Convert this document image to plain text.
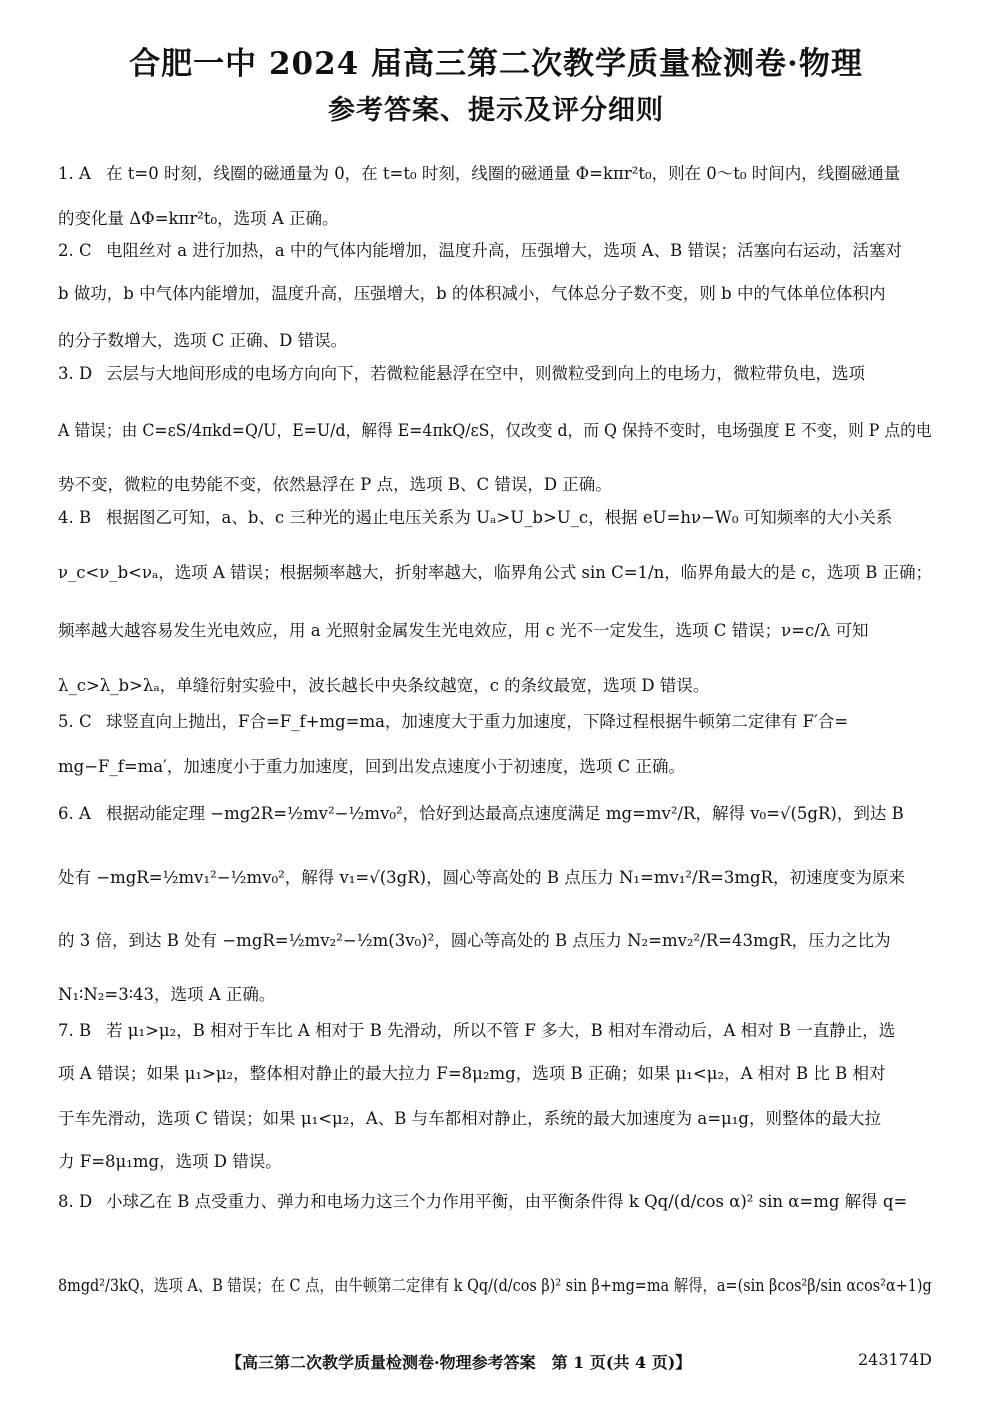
合肥一中 2024 届高三第二次教学质量检测卷·物理
参考答案、提示及评分细则
1. A 在 t=0 时刻，线圈的磁通量为 0，在 t=t₀ 时刻，线圈的磁通量 Φ=kπr²t₀，则在 0～t₀ 时间内，线圈磁通量
的变化量 ΔΦ=kπr²t₀，选项 A 正确。
2. C 电阻丝对 a 进行加热，a 中的气体内能增加，温度升高，压强增大，选项 A、B 错误；活塞向右运动，活塞对
b 做功，b 中气体内能增加，温度升高，压强增大，b 的体积减小，气体总分子数不变，则 b 中的气体单位体积内
的分子数增大，选项 C 正确、D 错误。
3. D 云层与大地间形成的电场方向向下，若微粒能悬浮在空中，则微粒受到向上的电场力，微粒带负电，选项
A 错误；由 C=εS/4πkd=Q/U，E=U/d，解得 E=4πkQ/εS，仅改变 d，而 Q 保持不变时，电场强度 E 不变，则 P 点的电
势不变，微粒的电势能不变，依然悬浮在 P 点，选项 B、C 错误，D 正确。
4. B 根据图乙可知，a、b、c 三种光的遏止电压关系为 Uₐ>U_b>U_c，根据 eU=hν−W₀ 可知频率的大小关系
ν_c<ν_b<νₐ，选项 A 错误；根据频率越大，折射率越大，临界角公式 sin C=1/n，临界角最大的是 c，选项 B 正确；
频率越大越容易发生光电效应，用 a 光照射金属发生光电效应，用 c 光不一定发生，选项 C 错误；ν=c/λ 可知
λ_c>λ_b>λₐ，单缝衍射实验中，波长越长中央条纹越宽，c 的条纹最宽，选项 D 错误。
5. C 球竖直向上抛出，F合=F_f+mg=ma，加速度大于重力加速度，下降过程根据牛顿第二定律有 F′合=
mg−F_f=ma′，加速度小于重力加速度，回到出发点速度小于初速度，选项 C 正确。
6. A 根据动能定理 −mg2R=½mv²−½mv₀²，恰好到达最高点速度满足 mg=mv²/R，解得 v₀=√(5gR)，到达 B
处有 −mgR=½mv₁²−½mv₀²，解得 v₁=√(3gR)，圆心等高处的 B 点压力 N₁=mv₁²/R=3mgR，初速度变为原来
的 3 倍，到达 B 处有 −mgR=½mv₂²−½m(3v₀)²，圆心等高处的 B 点压力 N₂=mv₂²/R=43mgR，压力之比为
N₁∶N₂=3∶43，选项 A 正确。
7. B 若 μ₁>μ₂，B 相对于车比 A 相对于 B 先滑动，所以不管 F 多大，B 相对车滑动后，A 相对 B 一直静止，选
项 A 错误；如果 μ₁>μ₂，整体相对静止的最大拉力 F=8μ₂mg，选项 B 正确；如果 μ₁<μ₂，A 相对 B 比 B 相对
于车先滑动，选项 C 错误；如果 μ₁<μ₂，A、B 与车都相对静止，系统的最大加速度为 a=μ₁g，则整体的最大拉
力 F=8μ₁mg，选项 D 错误。
8. D 小球乙在 B 点受重力、弹力和电场力这三个力作用平衡，由平衡条件得 k Qq/(d/cos α)² sin α=mg 解得 q=
8mgd²/3kQ，选项 A、B 错误；在 C 点，由牛顿第二定律有 k Qq/(d/cos β)² sin β+mg=ma 解得，a=(sin βcos²β/sin αcos²α+1)g
【高三第二次教学质量检测卷·物理参考答案　第 1 页(共 4 页)】	243174D
